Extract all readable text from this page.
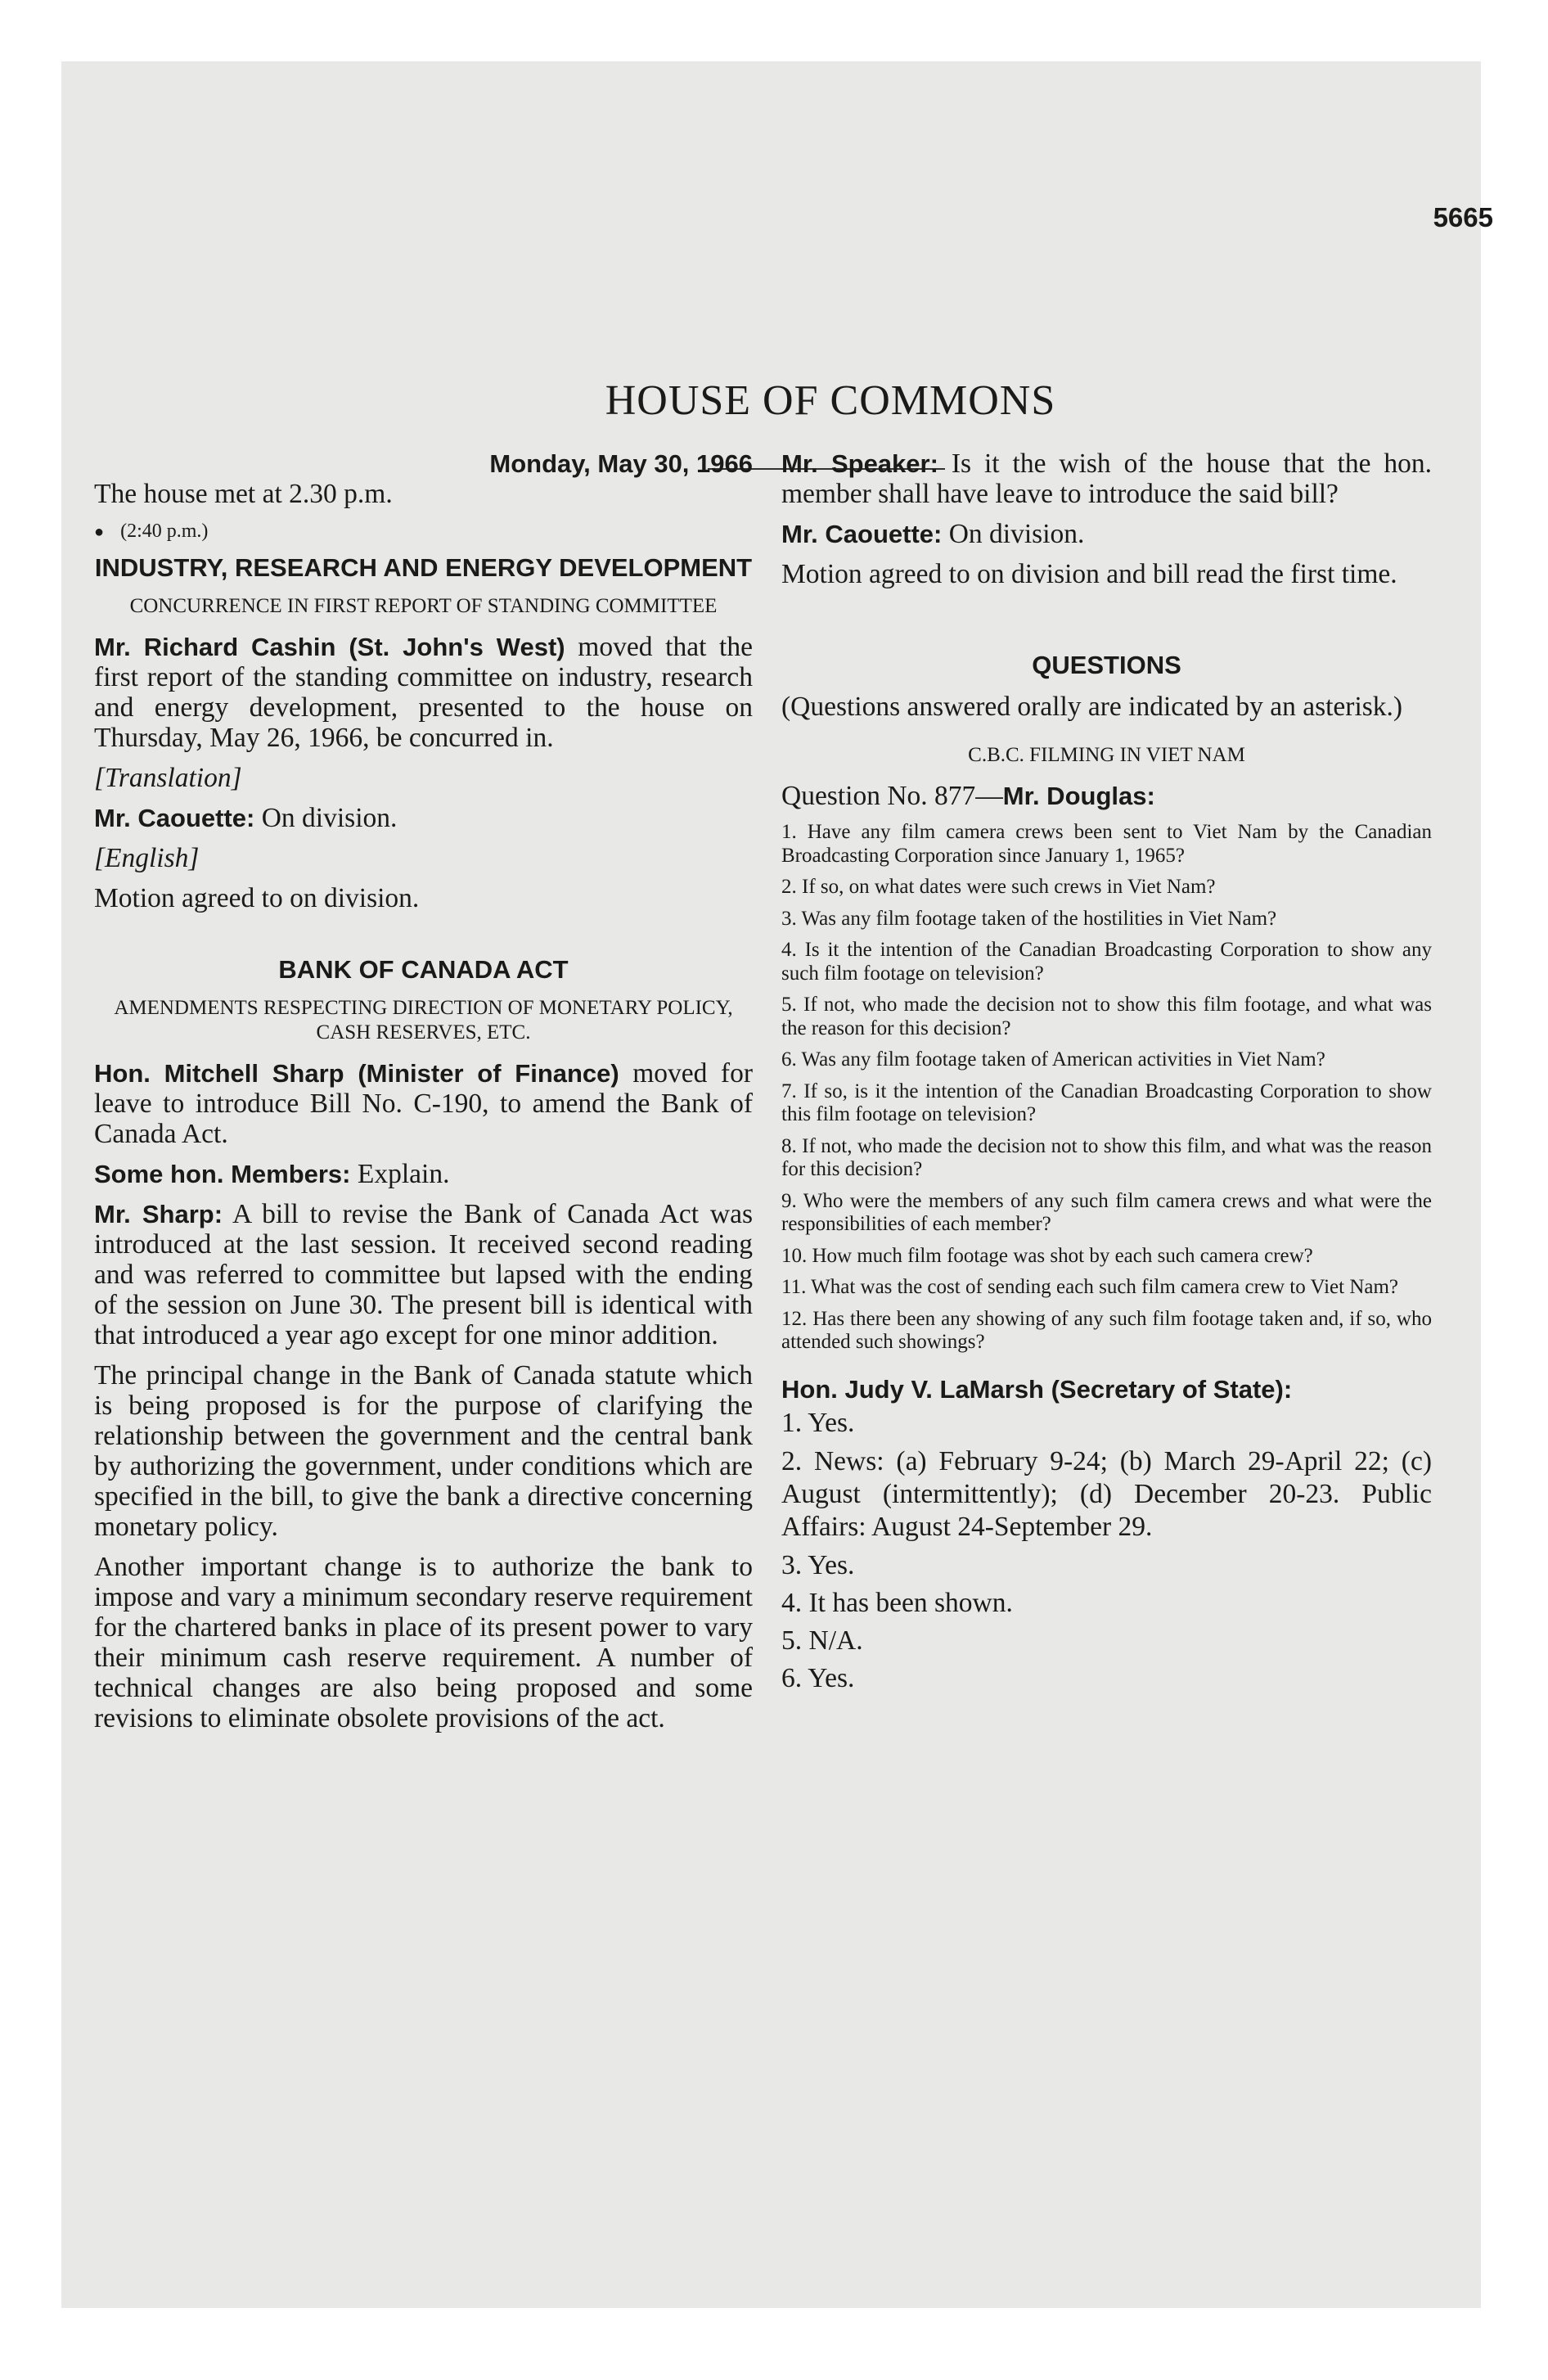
5665
HOUSE OF COMMONS

Monday, May 30, 1966

The house met at 2.30 p.m.

● (2:40 p.m.)

INDUSTRY, RESEARCH AND ENERGY DEVELOPMENT

CONCURRENCE IN FIRST REPORT OF STANDING COMMITTEE

Mr. Richard Cashin (St. John's West) moved that the first report of the standing committee on industry, research and energy development, presented to the house on Thursday, May 26, 1966, be concurred in.

[Translation]

Mr. Caouette: On division.

[English]

Motion agreed to on division.

BANK OF CANADA ACT

AMENDMENTS RESPECTING DIRECTION OF MONETARY POLICY, CASH RESERVES, ETC.

Hon. Mitchell Sharp (Minister of Finance) moved for leave to introduce Bill No. C-190, to amend the Bank of Canada Act.

Some hon. Members: Explain.

Mr. Sharp: A bill to revise the Bank of Canada Act was introduced at the last session. It received second reading and was referred to committee but lapsed with the ending of the session on June 30. The present bill is identical with that introduced a year ago except for one minor addition.

The principal change in the Bank of Canada statute which is being proposed is for the purpose of clarifying the relationship between the government and the central bank by authorizing the government, under conditions which are specified in the bill, to give the bank a directive concerning monetary policy.

Another important change is to authorize the bank to impose and vary a minimum secondary reserve requirement for the chartered banks in place of its present power to vary their minimum cash reserve requirement. A number of technical changes are also being proposed and some revisions to eliminate obsolete provisions of the act.

Mr. Speaker: Is it the wish of the house that the hon. member shall have leave to introduce the said bill?

Mr. Caouette: On division.

Motion agreed to on division and bill read the first time.

QUESTIONS

(Questions answered orally are indicated by an asterisk.)

C.B.C. FILMING IN VIET NAM

Question No. 877—Mr. Douglas:

1. Have any film camera crews been sent to Viet Nam by the Canadian Broadcasting Corporation since January 1, 1965?

2. If so, on what dates were such crews in Viet Nam?

3. Was any film footage taken of the hostilities in Viet Nam?

4. Is it the intention of the Canadian Broadcasting Corporation to show any such film footage on television?

5. If not, who made the decision not to show this film footage, and what was the reason for this decision?

6. Was any film footage taken of American activities in Viet Nam?

7. If so, is it the intention of the Canadian Broadcasting Corporation to show this film footage on television?

8. If not, who made the decision not to show this film, and what was the reason for this decision?

9. Who were the members of any such film camera crews and what were the responsibilities of each member?

10. How much film footage was shot by each such camera crew?

11. What was the cost of sending each such film camera crew to Viet Nam?

12. Has there been any showing of any such film footage taken and, if so, who attended such showings?

Hon. Judy V. LaMarsh (Secretary of State):

1. Yes.

2. News: (a) February 9-24; (b) March 29-April 22; (c) August (intermittently); (d) December 20-23. Public Affairs: August 24-September 29.

3. Yes.

4. It has been shown.

5. N/A.

6. Yes.
